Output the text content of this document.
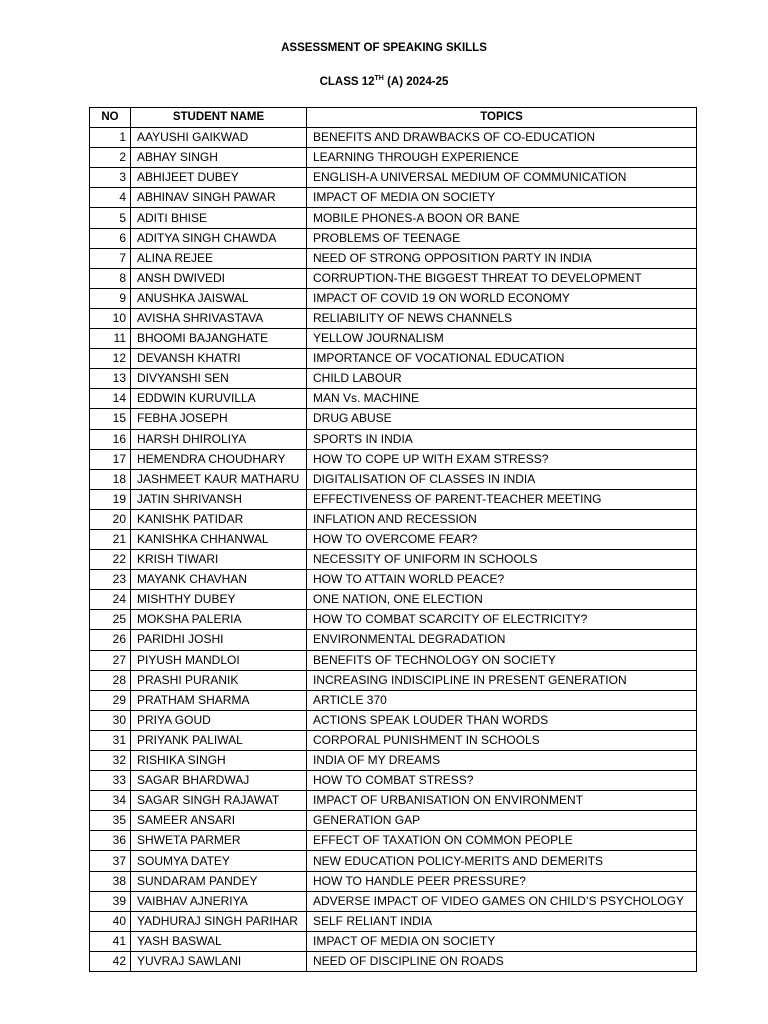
ASSESSMENT OF SPEAKING SKILLS
CLASS 12TH (A) 2024-25
NO	STUDENT NAME	TOPICS
1	AAYUSHI GAIKWAD	BENEFITS AND DRAWBACKS OF CO-EDUCATION
2	ABHAY SINGH	LEARNING THROUGH EXPERIENCE
3	ABHIJEET DUBEY	ENGLISH-A UNIVERSAL MEDIUM OF COMMUNICATION
4	ABHINAV SINGH PAWAR	IMPACT OF MEDIA ON SOCIETY
5	ADITI BHISE	MOBILE PHONES-A BOON OR BANE
6	ADITYA SINGH CHAWDA	PROBLEMS OF TEENAGE
7	ALINA REJEE	NEED OF STRONG OPPOSITION PARTY IN INDIA
8	ANSH DWIVEDI	CORRUPTION-THE BIGGEST THREAT TO DEVELOPMENT
9	ANUSHKA JAISWAL	IMPACT OF COVID 19 ON WORLD ECONOMY
10	AVISHA SHRIVASTAVA	RELIABILITY OF NEWS CHANNELS
11	BHOOMI BAJANGHATE	YELLOW JOURNALISM
12	DEVANSH KHATRI	IMPORTANCE OF VOCATIONAL EDUCATION
13	DIVYANSHI SEN	CHILD LABOUR
14	EDDWIN KURUVILLA	MAN Vs. MACHINE
15	FEBHA JOSEPH	DRUG ABUSE
16	HARSH DHIROLIYA	SPORTS IN INDIA
17	HEMENDRA CHOUDHARY	HOW TO COPE UP WITH EXAM STRESS?
18	JASHMEET KAUR MATHARU	DIGITALISATION OF CLASSES IN INDIA
19	JATIN SHRIVANSH	EFFECTIVENESS OF PARENT-TEACHER MEETING
20	KANISHK PATIDAR	INFLATION AND RECESSION
21	KANISHKA CHHANWAL	HOW TO OVERCOME FEAR?
22	KRISH TIWARI	NECESSITY OF UNIFORM IN SCHOOLS
23	MAYANK CHAVHAN	HOW TO ATTAIN WORLD PEACE?
24	MISHTHY DUBEY	ONE NATION, ONE ELECTION
25	MOKSHA PALERIA	HOW TO COMBAT SCARCITY OF ELECTRICITY?
26	PARIDHI JOSHI	ENVIRONMENTAL DEGRADATION
27	PIYUSH MANDLOI	BENEFITS OF TECHNOLOGY ON SOCIETY
28	PRASHI PURANIK	INCREASING INDISCIPLINE IN PRESENT GENERATION
29	PRATHAM SHARMA	ARTICLE 370
30	PRIYA GOUD	ACTIONS SPEAK LOUDER THAN WORDS
31	PRIYANK PALIWAL	CORPORAL PUNISHMENT IN SCHOOLS
32	RISHIKA SINGH	INDIA OF MY DREAMS
33	SAGAR BHARDWAJ	HOW TO COMBAT STRESS?
34	SAGAR SINGH RAJAWAT	IMPACT OF URBANISATION ON ENVIRONMENT
35	SAMEER ANSARI	GENERATION GAP
36	SHWETA PARMER	EFFECT OF TAXATION ON COMMON PEOPLE
37	SOUMYA DATEY	NEW EDUCATION POLICY-MERITS AND DEMERITS
38	SUNDARAM PANDEY	HOW TO HANDLE PEER PRESSURE?
39	VAIBHAV AJNERIYA	ADVERSE IMPACT OF VIDEO GAMES ON CHILD’S PSYCHOLOGY
40	YADHURAJ SINGH PARIHAR	SELF RELIANT INDIA
41	YASH BASWAL	IMPACT OF MEDIA ON SOCIETY
42	YUVRAJ SAWLANI	NEED OF DISCIPLINE ON ROADS
